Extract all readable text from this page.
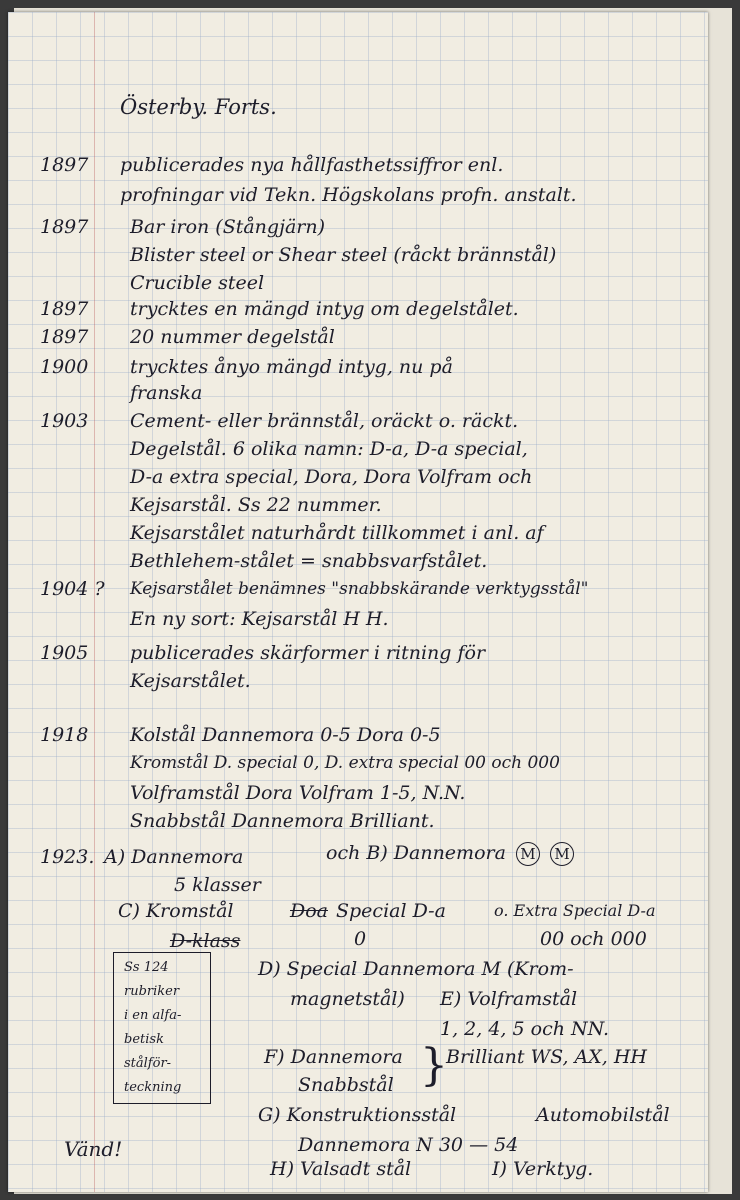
Österby. Forts.
1897 publicerades nya hållfasthetssiffror enl.
profningar vid Tekn. Högskolans profn. anstalt.
1897 Bar iron (Stångjärn)
Blister steel or Shear steel (råckt brännstål)
Crucible steel
1897 trycktes en mängd intyg om degelstålet.
1897 20 nummer degelstål
1900 trycktes ånyo mängd intyg, nu på
franska
1903 Cement- eller brännstål, oräckt o. räckt.
Degelstål. 6 olika namn: D-a, D-a special,
D-a extra special, Dora, Dora Volfram och
Kejsarstål. Ss 22 nummer.
Kejsarstålet naturhårdt tillkommet i anl. af
Bethlehem-stålet = snabbsvarfstålet.
1904 ? Kejsarstålet benämnes "snabbskärande verktygsstål"
En ny sort: Kejsarstål H H.
1905 publicerades skärformer i ritning för
Kejsarstålet.
1918 Kolstål Dannemora 0-5 Dora 0-5
Kromstål D. special 0, D. extra special 00 och 000
Volframstål Dora Volfram 1-5, N.N.
Snabbstål Dannemora Brilliant.
1923. A) Dannemora	och B) Dannemora M M
5 klasser
C) Kromstål	Doa Special D-a	o. Extra Special D-a
D-klass	0	00 och 000
Ss 124
rubriker
i en alfa-
betisk
stålför-
teckning
D) Special Dannemora M (Krom-
magnetstål) E) Volframstål
1, 2, 4, 5 och NN.
F) Dannemora
Snabbstål }
Brilliant WS, AX, HH
G) Konstruktionsstål	Automobilstål
Dannemora N 30 — 54
H) Valsadt stål	I) Verktyg.
Vänd!
